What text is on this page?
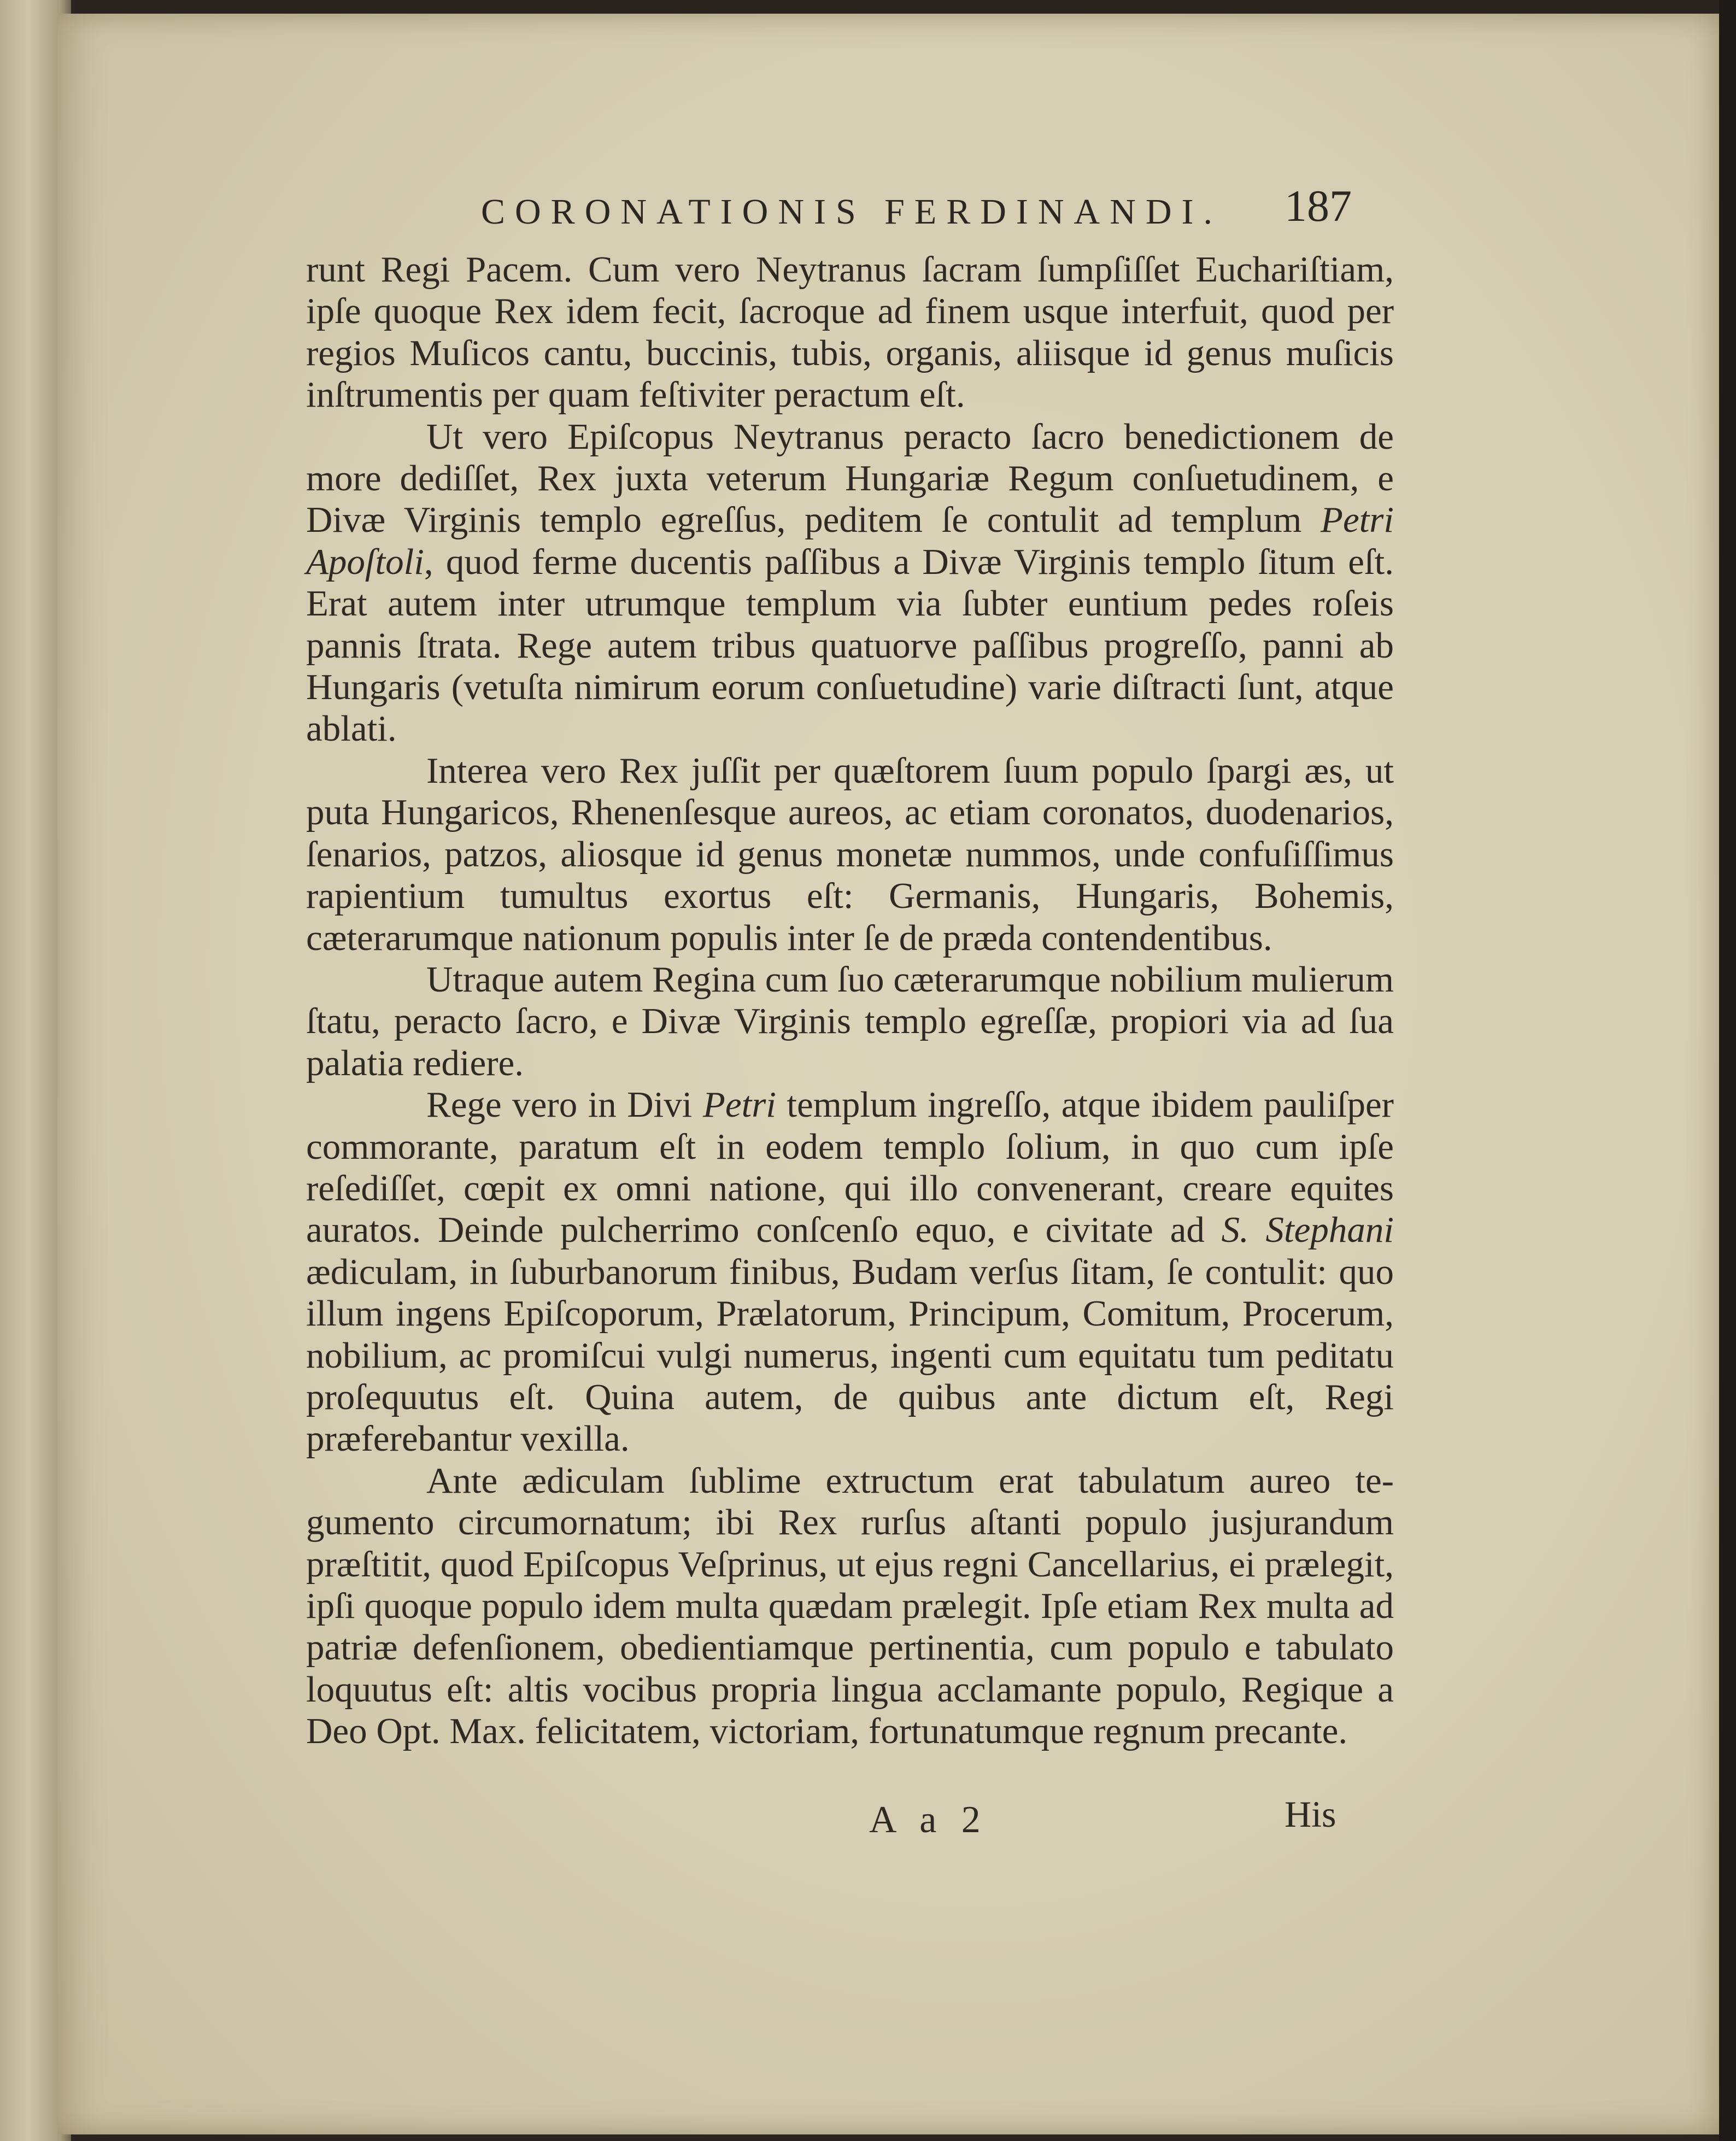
CORONATIONIS FERDINANDI. 187

runt Regi Pacem. Cum vero Neytranus ſacram ſumpſiſſet Euchariſtiam, ipſe quoque Rex idem fecit, ſacroque ad finem usque interfuit, quod per regios Muſicos cantu, buccinis, tubis, organis, aliisque id genus muſicis inſtrumentis per quam feſtiviter peractum eſt.

Ut vero Epiſcopus Neytranus peracto ſacro benedictionem de more dediſſet, Rex juxta veterum Hungariæ Regum conſuetudinem, e Divæ Virginis templo egreſſus, peditem ſe contulit ad templum Petri Apoſtoli, quod ferme ducentis paſſibus a Divæ Virginis templo ſitum eſt. Erat autem inter utrumque templum via ſubter euntium pedes roſeis pannis ſtrata. Rege autem tribus quatuorve paſſibus progreſſo, panni ab Hungaris (vetuſta nimirum eorum conſuetudine) varie diſtracti ſunt, atque ablati.

Interea vero Rex juſſit per quæſtorem ſuum populo ſpargi æs, ut puta Hungaricos, Rhenenſesque aureos, ac etiam coronatos, duodenarios, ſenarios, patzos, aliosque id genus monetæ nummos, unde confuſiſſimus rapientium tumultus exortus eſt: Germanis, Hungaris, Bohemis, cæterarumque nationum populis inter ſe de præda contendentibus.

Utraque autem Regina cum ſuo cæterarumque nobilium mulierum ſtatu, peracto ſacro, e Divæ Virginis templo egreſſæ, propiori via ad ſua palatia rediere.

Rege vero in Divi Petri templum ingreſſo, atque ibidem pauliſper commorante, paratum eſt in eodem templo ſolium, in quo cum ipſe reſediſſet, cœpit ex omni natione, qui illo convenerant, creare equites auratos. Deinde pulcherrimo conſcenſo equo, e civitate ad S. Stephani ædiculam, in ſuburbanorum finibus, Budam verſus ſitam, ſe contulit: quo illum ingens Epiſcoporum, Prælatorum, Principum, Comitum, Procerum, nobilium, ac promiſcui vulgi numerus, ingenti cum equitatu tum peditatu proſequutus eſt. Quina autem, de quibus ante dictum eſt, Regi præferebantur vexilla.

Ante ædiculam ſublime extructum erat tabulatum aureo tegumento circumornatum; ibi Rex rurſus aſtanti populo jusjurandum præſtitit, quod Epiſcopus Veſprinus, ut ejus regni Cancellarius, ei prælegit, ipſi quoque populo idem multa quædam prælegit. Ipſe etiam Rex multa ad patriæ defenſionem, obedientiamque pertinentia, cum populo e tabulato loquutus eſt: altis vocibus propria lingua acclamante populo, Regique a Deo Opt. Max. felicitatem, victoriam, fortunatumque regnum precante.

A a 2	His
